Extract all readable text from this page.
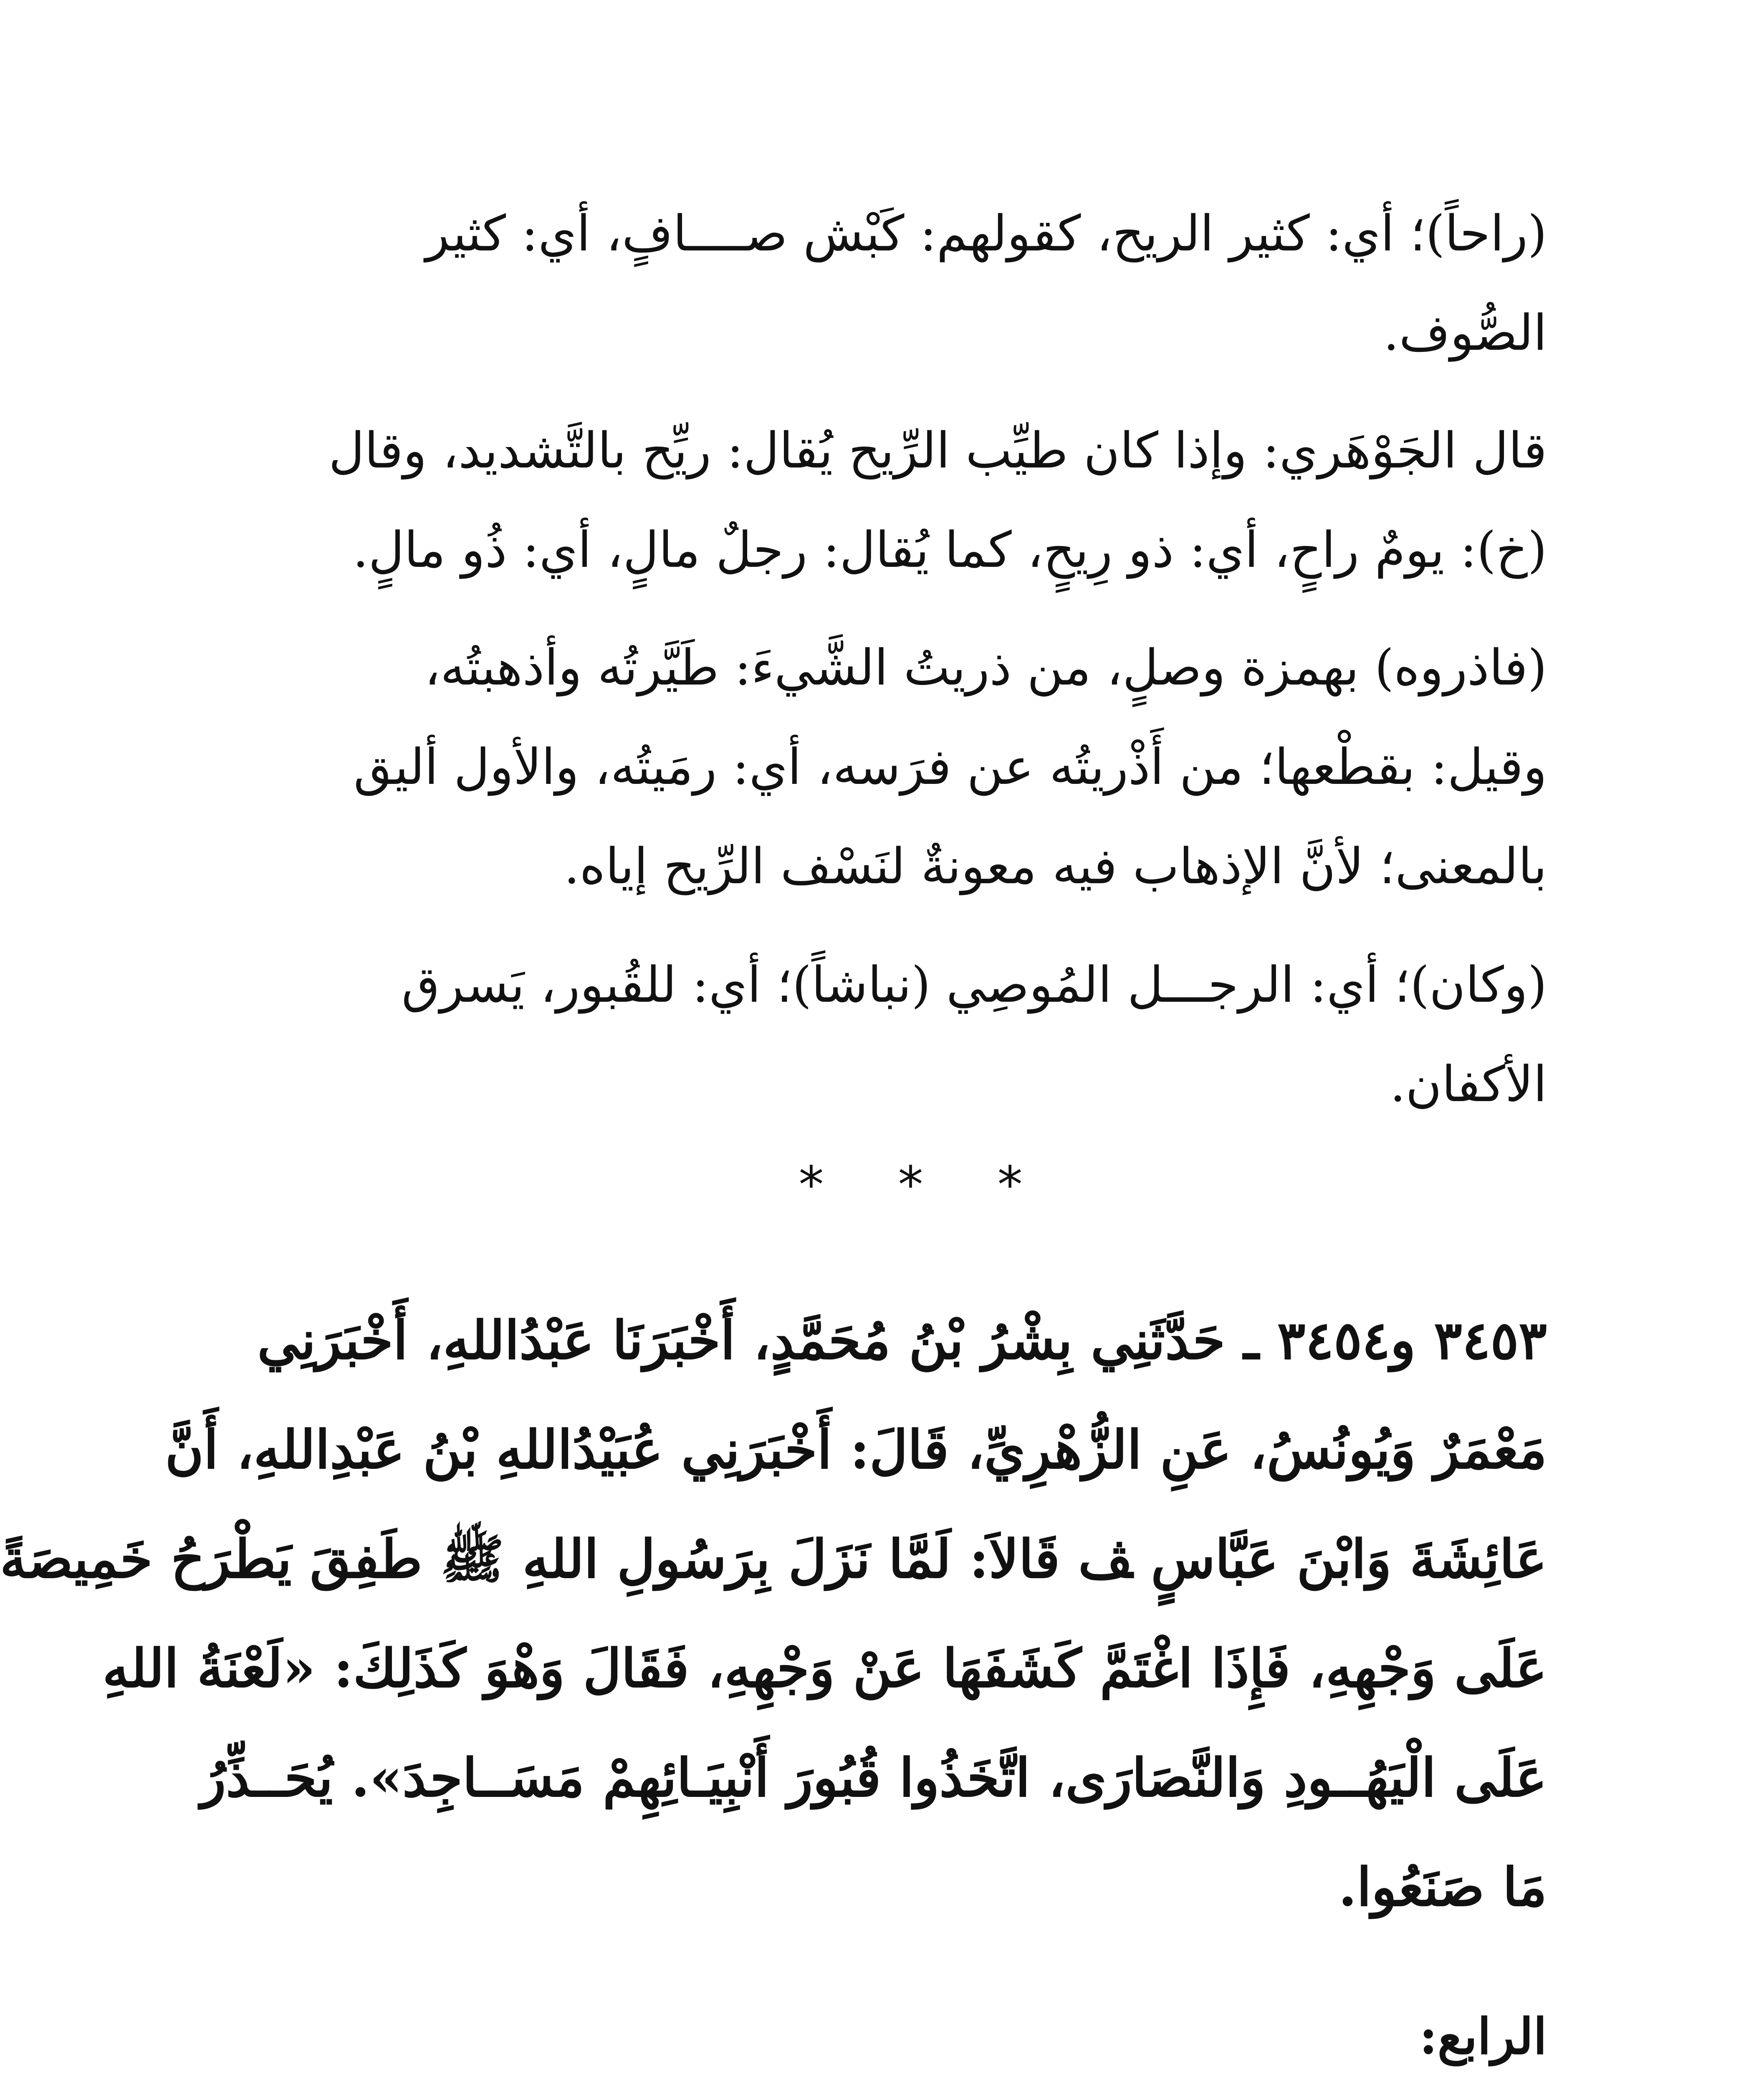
(راحاً)؛ أي: كثير الريح، كقولهم: كَبْش صــــافٍ، أي: كثير
الصُّوف.
قال الجَوْهَري: وإذا كان طيِّب الرِّيح يُقال: ريِّح بالتَّشديد، وقال
(خ): يومٌ راحٍ، أي: ذو رِيحٍ، كما يُقال: رجلٌ مالٍ، أي: ذُو مالٍ.
(فاذروه) بهمزة وصلٍ، من ذريتُ الشَّيءَ: طَيَّرتُه وأذهبتُه،
وقيل: بقطْعها؛ من أَذْريتُه عن فرَسه، أي: رمَيتُه، والأول أليق
بالمعنى؛ لأنَّ الإذهاب فيه معونةٌ لنَسْف الرِّيح إياه.
(وكان)؛ أي: الرجـــل المُوصِي (نباشاً)؛ أي: للقُبور، يَسرق
الأكفان.
* * *
٣٤٥٣ و٣٤٥٤ ـ حَدَّثَنِي بِشْرُ بْنُ مُحَمَّدٍ، أَخْبَرَنَا عَبْدُاللهِ، أَخْبَرَنِي
مَعْمَرٌ وَيُونُسُ، عَنِ الزُّهْرِيِّ، قَالَ: أَخْبَرَنِي عُبَيْدُاللهِ بْنُ عَبْدِاللهِ، أَنَّ
عَائِشَةَ وَابْنَ عَبَّاسٍ ﭫ قَالاَ: لَمَّا نَزَلَ بِرَسُولِ اللهِ ﷺ طَفِقَ يَطْرَحُ خَمِيصَةً
عَلَى وَجْهِهِ، فَإِذَا اغْتَمَّ كَشَفَهَا عَنْ وَجْهِهِ، فَقَالَ وَهْوَ كَذَلِكَ: «لَعْنَةُ اللهِ
عَلَى الْيَهُــودِ وَالنَّصَارَى، اتَّخَذُوا قُبُورَ أَنْبِيَـائِهِمْ مَسَــاجِدَ». يُحَــذِّرُ
مَا صَنَعُوا.
الرابع:
